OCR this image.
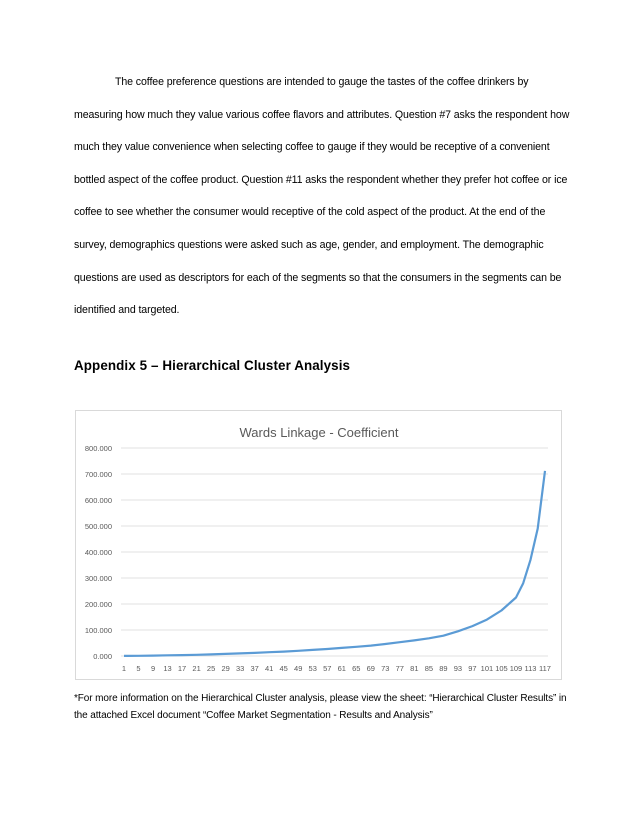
The coffee preference questions are intended to gauge the tastes of the coffee drinkers by measuring how much they value various coffee flavors and attributes. Question #7 asks the respondent how much they value convenience when selecting coffee to gauge if they would be receptive of a convenient bottled aspect of the coffee product. Question #11 asks the respondent whether they prefer hot coffee or ice coffee to see whether the consumer would receptive of the cold aspect of the product. At the end of the survey, demographics questions were asked such as age, gender, and employment. The demographic questions are used as descriptors for each of the segments so that the consumers in the segments can be identified and targeted.

Appendix 5 – Hierarchical Cluster Analysis
Wards Linkage - Coefficient
0.000
100.000
200.000
300.000
400.000
500.000
600.000
700.000
800.000
1 5 9 13 17 21 25 29 33 37 41 45 49 53 57 61 65 69 73 77 81 85 89 93 97 101 105 109 113 117

*For more information on the Hierarchical Cluster analysis, please view the sheet: “Hierarchical Cluster Results” in the attached Excel document “Coffee Market Segmentation - Results and Analysis”
